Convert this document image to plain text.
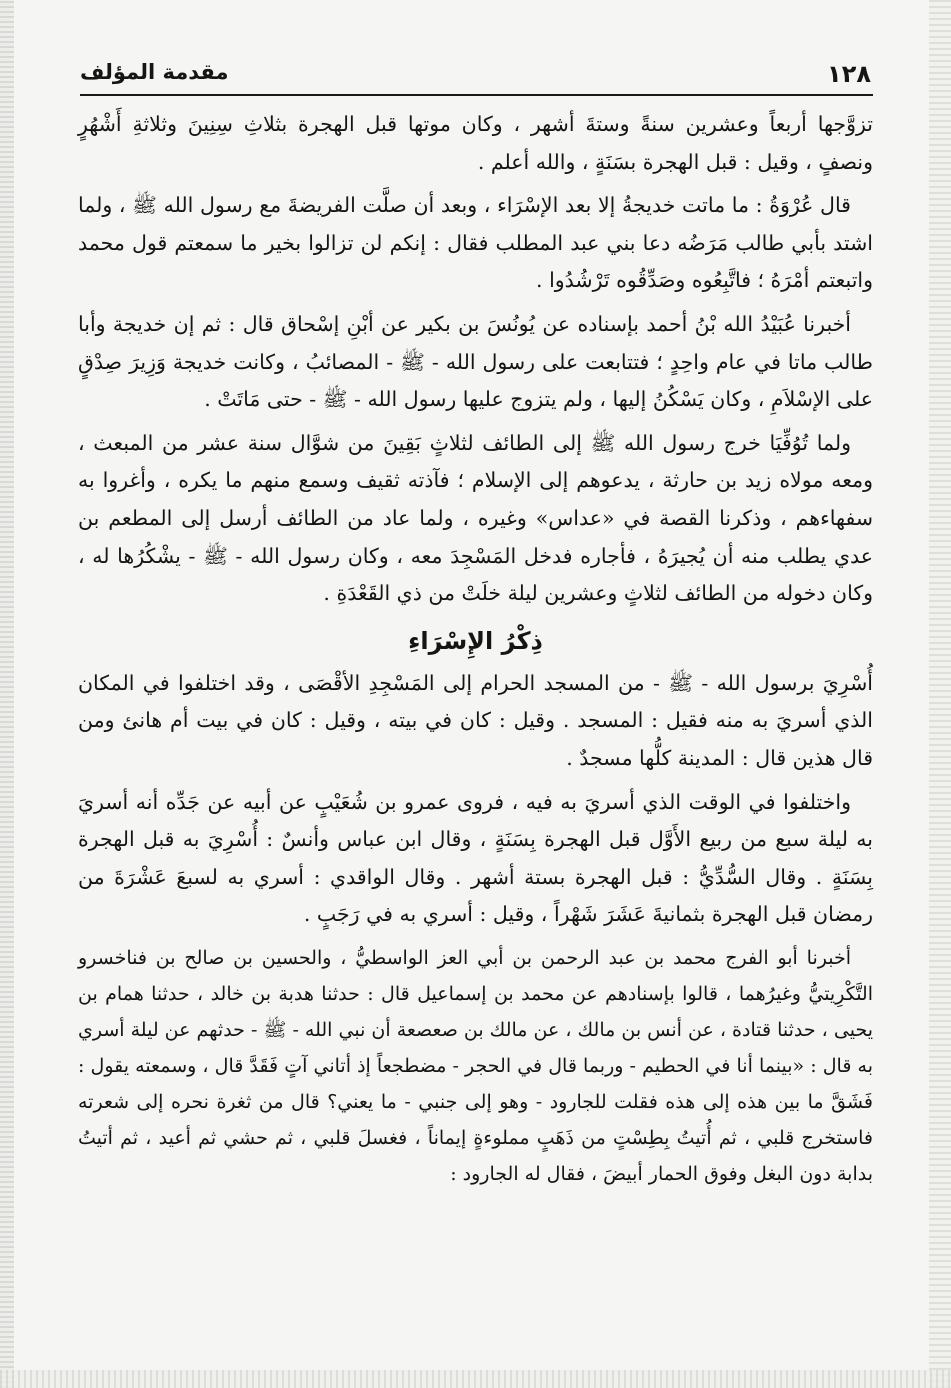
١٢٨
مقدمة المؤلف

تزوَّجها أربعاً وعشرين سنةً وستةَ أشهر ، وكان موتها قبل الهجرة بثلاثِ سِنِينَ وثلاثةِ أَشْهُرٍ ونصفٍ ، وقيل : قبل الهجرة بسَنَةٍ ، والله أعلم .

قال عُرْوَةُ : ما ماتت خديجةُ إلا بعد الإسْرَاء ، وبعد أن صلَّت الفريضةَ مع رسول الله ﷺ ، ولما اشتد بأبي طالب مَرَضُه دعا بني عبد المطلب فقال : إنكم لن تزالوا بخير ما سمعتم قول محمد واتبعتم أمْرَهُ ؛ فاتَّبِعُوه وصَدِّقُوه تَرْشُدُوا .

أخبرنا عُبَيْدُ الله بْنُ أحمد بإسناده عن يُونُسَ بن بكير عن أبْنِ إسْحاق قال : ثم إن خديجة وأبا طالب ماتا في عام واحِدٍ ؛ فتتابعت على رسول الله - ﷺ - المصائبُ ، وكانت خديجة وَزِيرَ صِدْقٍ على الإسْلاَمِ ، وكان يَسْكُنُ إليها ، ولم يتزوج عليها رسول الله - ﷺ - حتى مَاتَتْ .

ولما تُوُفِّيَا خرج رسول الله ﷺ إلى الطائف لثلاثٍ بَقِينَ من شوَّال سنة عشر من المبعث ، ومعه مولاه زيد بن حارثة ، يدعوهم إلى الإسلام ؛ فآذته ثقيف وسمع منهم ما يكره ، وأغروا به سفهاءهم ، وذكرنا القصة في «عداس» وغيره ، ولما عاد من الطائف أرسل إلى المطعم بن عدي يطلب منه أن يُجيرَهُ ، فأجاره فدخل المَسْجِدَ معه ، وكان رسول الله - ﷺ - يشْكُرُها له ، وكان دخوله من الطائف لثلاثٍ وعشرين ليلة خلَتْ من ذي القَعْدَةِ .

ذِكْرُ الإِسْرَاءِ

أُسْرِيَ برسول الله - ﷺ - من المسجد الحرام إلى المَسْجِدِ الأقْصَى ، وقد اختلفوا في المكان الذي أسريَ به منه فقيل : المسجد . وقيل : كان في بيته ، وقيل : كان في بيت أم هانئ ومن قال هذين قال : المدينة كلُّها مسجدٌ .

واختلفوا في الوقت الذي أسريَ به فيه ، فروى عمرو بن شُعَيْبٍ عن أبيه عن جَدِّه أنه أسريَ به ليلة سبع من ربيع الأَوَّل قبل الهجرة بِسَنَةٍ ، وقال ابن عباس وأنسٌ : أُسْرِيَ به قبل الهجرة بِسَنَةٍ . وقال السُّدِّيُّ : قبل الهجرة بستة أشهر . وقال الواقدي : أسري به لسبعَ عَشْرَةَ من رمضان قبل الهجرة بثمانيةَ عَشَرَ شَهْراً ، وقيل : أسري به في رَجَبٍ .

أخبرنا أبو الفرج محمد بن عبد الرحمن بن أبي العز الواسطيُّ ، والحسين بن صالح بن فناخسرو التَّكْرِيتيُّ وغيرُهما ، قالوا بإسنادهم عن محمد بن إسماعيل قال : حدثنا هدبة بن خالد ، حدثنا همام بن يحيى ، حدثنا قتادة ، عن أنس بن مالك ، عن مالك بن صعصعة أن نبي الله - ﷺ - حدثهم عن ليلة أسري به قال : «بينما أنا في الحطيم - وربما قال في الحجر - مضطجعاً إذ أتاني آتٍ فَقَدَّ قال ، وسمعته يقول : فَشَقَّ ما بين هذه إلى هذه فقلت للجارود - وهو إلى جنبي - ما يعني؟ قال من ثغرة نحره إلى شعرته فاستخرج قلبي ، ثم أُتيتُ بِطِسْتٍ من ذَهَبٍ مملوءةٍ إيماناً ، فغسلَ قلبي ، ثم حشي ثم أعيد ، ثم أتيتُ بدابة دون البغل وفوق الحمار أبيضَ ، فقال له الجارود :
